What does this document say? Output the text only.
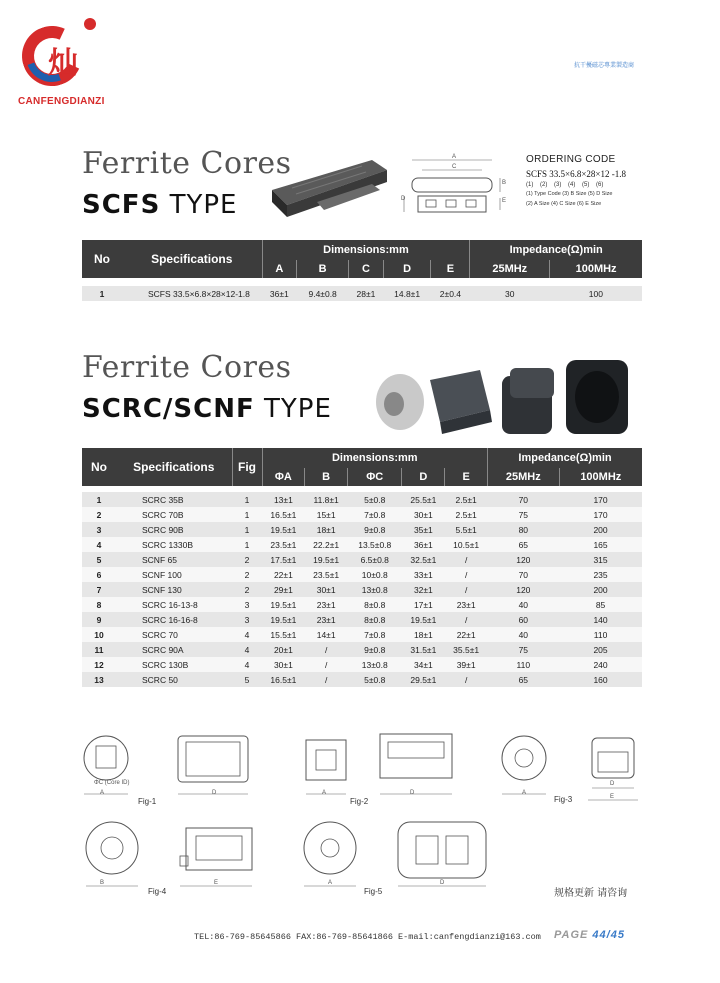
灿
CANFENGDIANZI
抗干擾磁芯專業製造商
Ferrite Cores
SCFS TYPE
A
C
D
B
E
ORDERING CODE
SCFS 33.5×6.8×28×12 -1.8
(1) (2) (3) (4) (5) (6)
(1) Type Code (3) B Size (5) D Size
(2) A Size (4) C Size (6) E Size
No	Specifications	Dimensions:mm					Impedance(Ω)min	
		A	B	C	D	E	25MHz	100MHz

1	SCFS 33.5×6.8×28×12-1.8	36±1	9.4±0.8	28±1	14.8±1	2±0.4	30	100
Ferrite Cores
SCRC/SCNF TYPE
No	Specifications	Fig	Dimensions:mm					Impedance(Ω)min	
			ΦA	B	ΦC	D	E	25MHz	100MHz

1	SCRC 35B	1	13±1	11.8±1	5±0.8	25.5±1	2.5±1	70	170
2	SCRC 70B	1	16.5±1	15±1	7±0.8	30±1	2.5±1	75	170
3	SCRC 90B	1	19.5±1	18±1	9±0.8	35±1	5.5±1	80	200
4	SCRC 1330B	1	23.5±1	22.2±1	13.5±0.8	36±1	10.5±1	65	165
5	SCNF 65	2	17.5±1	19.5±1	6.5±0.8	32.5±1	/	120	315
6	SCNF 100	2	22±1	23.5±1	10±0.8	33±1	/	70	235
7	SCNF 130	2	29±1	30±1	13±0.8	32±1	/	120	200
8	SCRC 16-13-8	3	19.5±1	23±1	8±0.8	17±1	23±1	40	85
9	SCRC 16-16-8	3	19.5±1	23±1	8±0.8	19.5±1	/	60	140
10	SCRC 70	4	15.5±1	14±1	7±0.8	18±1	22±1	40	110
11	SCRC 90A	4	20±1	/	9±0.8	31.5±1	35.5±1	75	205
12	SCRC 130B	4	30±1	/	13±0.8	34±1	39±1	110	240
13	SCRC 50	5	16.5±1	/	5±0.8	29.5±1	/	65	160
A	D
Fig-1
A	D
Fig-2
A
D
E
Fig-3
B	E
Fig-4
A	D
Fig-5
ΦC (Core ID)
规格更新 请咨询
TEL:86-769-85645866 FAX:86-769-85641866 E-mail:canfengdianzi@163.com PAGE 44/45
